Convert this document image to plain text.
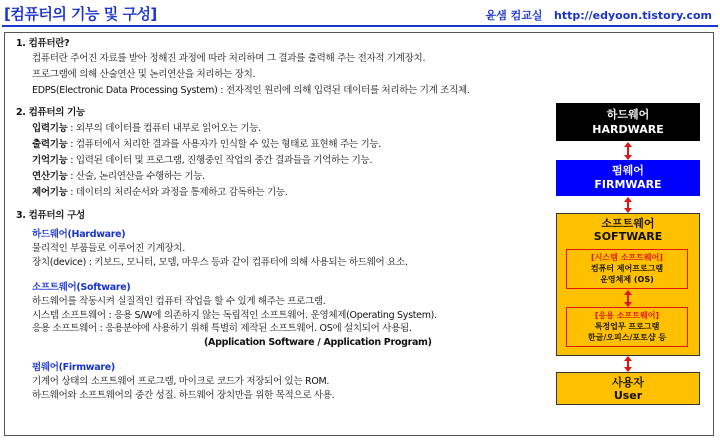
[컴퓨터의 기능 및 구성]	윤샘 컴교실 http://edyoon.tistory.com
1. 컴퓨터란?
컴퓨터란 주어진 자료를 받아 정해진 과정에 따라 처리하며 그 결과를 출력해 주는 전자적 기계장치.
프로그램에 의해 산술연산 및 논리연산을 처리하는 장치.
EDPS(Electronic Data Processing System) : 전자적인 원리에 의해 입력된 데이터를 처리하는 기계 조직체.
2. 컴퓨터의 기능
입력기능 : 외부의 데이터를 컴퓨터 내부로 읽어오는 기능.
출력기능 : 컴퓨터에서 처리한 결과를 사용자가 인식할 수 있는 형태로 표현해 주는 기능.
기억기능 : 입력된 데이터 및 프로그램, 진행중인 작업의 중간 결과들을 기억하는 기능.
연산기능 : 산술, 논리연산을 수행하는 기능.
제어기능 : 데이터의 처리순서와 과정을 통제하고 감독하는 기능.
3. 컴퓨터의 구성
하드웨어(Hardware)
물리적인 부품들로 이루어진 기계장치.
장치(device) : 키보드, 모니터, 모뎀, 마우스 등과 같이 컴퓨터에 의해 사용되는 하드웨어 요소.
소프트웨어(Software)
하드웨어를 작동시켜 실질적인 컴퓨터 작업을 할 수 있게 해주는 프로그램.
시스템 소프트웨어 : 응용 S/W에 의존하지 않는 독립적인 소프트웨어. 운영체제(Operating System).
응용 소프트웨어 : 응용분야에 사용하기 위해 특별히 제작된 소프트웨어. OS에 설치되어 사용됨.
(Application Software / Application Program)
펌웨어(Firmware)
기계어 상태의 소프트웨어 프로그램, 마이크로 코드가 저장되어 있는 ROM.
하드웨어와 소프트웨어의 중간 성질. 하드웨어 장치만을 위한 목적으로 사용.
하드웨어
HARDWARE
펌웨어
FIRMWARE
소프트웨어
SOFTWARE
[시스템 소프트웨어]
컴퓨터 제어프로그램
운영체제 (OS)
[응용 소프트웨어]
특정업무 프로그램
한글/오피스/포토샵 등
사용자
User
